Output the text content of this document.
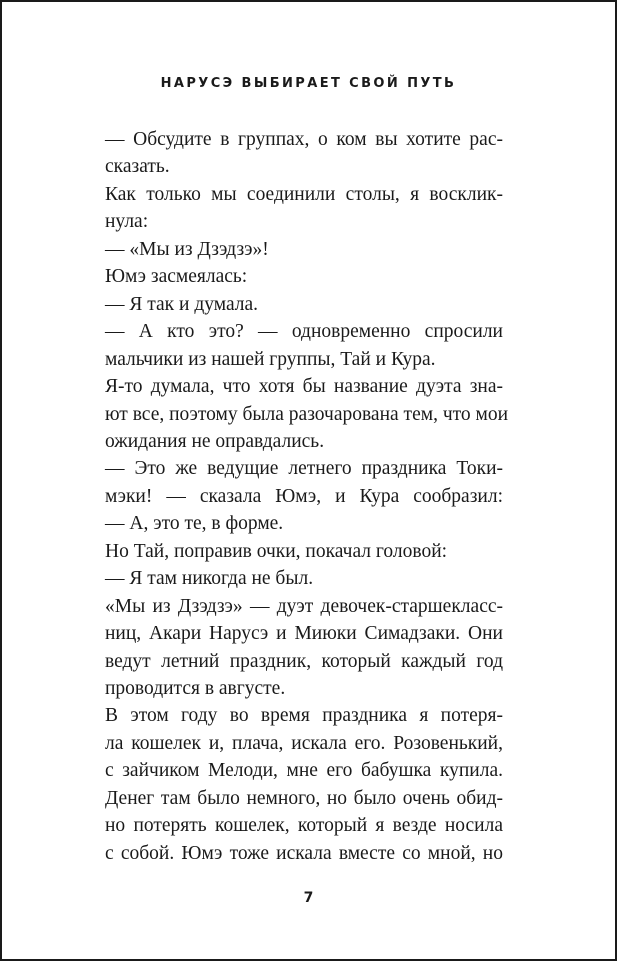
НАРУСЭ ВЫБИРАЕТ СВОЙ ПУТЬ
— Обсудите в группах, о ком вы хотите рас-
сказать.
Как только мы соединили столы, я восклик-
нула:
— «Мы из Дзэдзэ»!
Юмэ засмеялась:
— Я так и думала.
— А кто это? — одновременно спросили
мальчики из нашей группы, Тай и Кура.
Я-то думала, что хотя бы название дуэта зна-
ют все, поэтому была разочарована тем, что мои
ожидания не оправдались.
— Это же ведущие летнего праздника Токи-
мэки! — сказала Юмэ, и Кура сообразил:
— А, это те, в форме.
Но Тай, поправив очки, покачал головой:
— Я там никогда не был.
«Мы из Дзэдзэ» — дуэт девочек-старшекласс-
ниц, Акари Нарусэ и Миюки Симадзаки. Они
ведут летний праздник, который каждый год
проводится в августе.
В этом году во время праздника я потеря-
ла кошелек и, плача, искала его. Розовенький,
с зайчиком Мелоди, мне его бабушка купила.
Денег там было немного, но было очень обид-
но потерять кошелек, который я везде носила
с собой. Юмэ тоже искала вместе со мной, но
7
